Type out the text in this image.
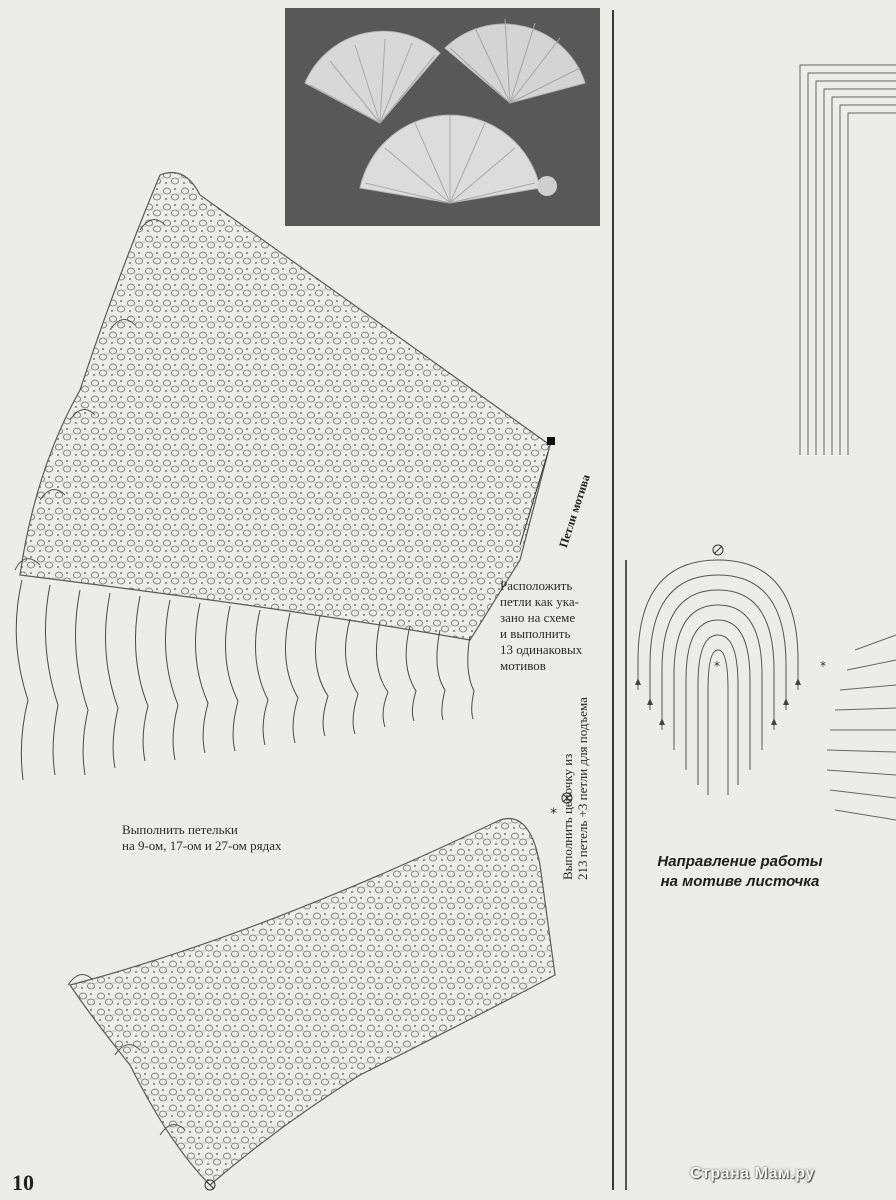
*
*	*
Расположить
петли как ука-
зано на схеме
и выполнить
13 одинаковых
мотивов
Петли мотива
Выполнить петельки
на 9-ом, 17-ом и 27-ом рядах	Выполнить цепочку из 213 петель +3 петли для подъема	Направление работы
на мотиве листочка
10	Страна Мам.ру
